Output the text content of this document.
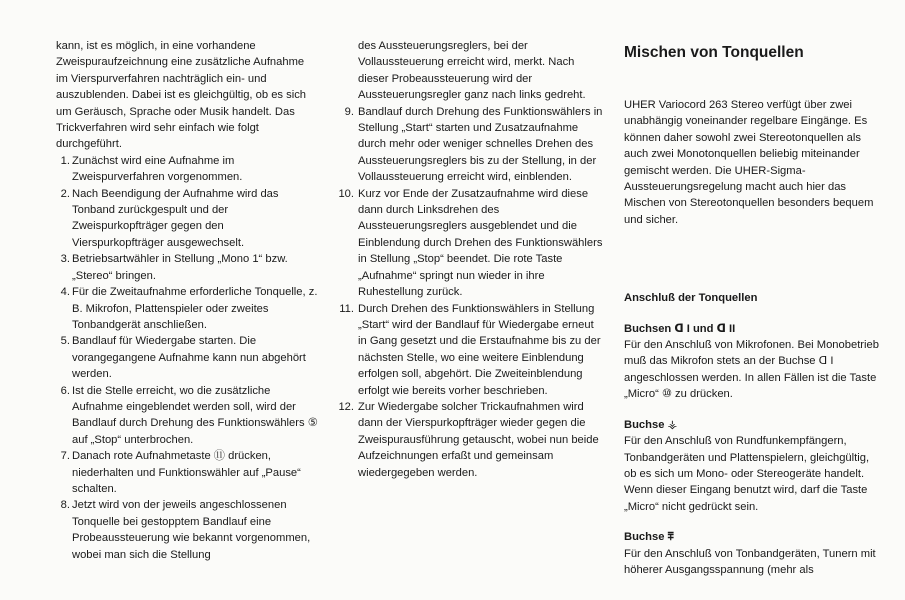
kann, ist es möglich, in eine vorhandene Zweispuraufzeichnung eine zusätzliche Aufnahme im Vierspurverfahren nachträglich ein- und auszublenden. Dabei ist es gleichgültig, ob es sich um Geräusch, Sprache oder Musik handelt. Das Trickverfahren wird sehr einfach wie folgt durchgeführt.

1. Zunächst wird eine Aufnahme im Zweispurverfahren vorgenommen.
2. Nach Beendigung der Aufnahme wird das Tonband zurückgespult und der Zweispurkopfträger gegen den Vierspurkopfträger ausgewechselt.
3. Betriebsartwähler in Stellung „Mono 1“ bzw. „Stereo“ bringen.
4. Für die Zweitaufnahme erforderliche Tonquelle, z. B. Mikrofon, Plattenspieler oder zweites Tonbandgerät anschließen.
5. Bandlauf für Wiedergabe starten. Die vorangegangene Aufnahme kann nun abgehört werden.
6. Ist die Stelle erreicht, wo die zusätzliche Aufnahme eingeblendet werden soll, wird der Bandlauf durch Drehung des Funktionswählers ⑤ auf „Stop“ unterbrochen.
7. Danach rote Aufnahmetaste ⑪ drücken, niederhalten und Funktionswähler auf „Pause“ schalten.
8. Jetzt wird von der jeweils angeschlossenen Tonquelle bei gestopptem Bandlauf eine Probeaussteuerung wie bekannt vorgenommen, wobei man sich die Stellung
des Aussteuerungsreglers, bei der Vollaussteuerung erreicht wird, merkt. Nach dieser Probeaussteuerung wird der Aussteuerungsregler ganz nach links gedreht.
9. Bandlauf durch Drehung des Funktionswählers in Stellung „Start“ starten und Zusatzaufnahme durch mehr oder weniger schnelles Drehen des Aussteuerungsreglers bis zu der Stellung, in der Vollaussteuerung erreicht wird, einblenden.
10. Kurz vor Ende der Zusatzaufnahme wird diese dann durch Linksdrehen des Aussteuerungsreglers ausgeblendet und die Einblendung durch Drehen des Funktionswählers in Stellung „Stop“ beendet. Die rote Taste „Aufnahme“ springt nun wieder in ihre Ruhestellung zurück.
11. Durch Drehen des Funktionswählers in Stellung „Start“ wird der Bandlauf für Wiedergabe erneut in Gang gesetzt und die Erstaufnahme bis zu der nächsten Stelle, wo eine weitere Einblendung erfolgen soll, abgehört. Die Zweiteinblendung erfolgt wie bereits vorher beschrieben.
12. Zur Wiedergabe solcher Trickaufnahmen wird dann der Vierspurkopfträger wieder gegen die Zweispurausführung getauscht, wobei nun beide Aufzeichnungen erfaßt und gemeinsam wiedergegeben werden.
Mischen von Tonquellen

UHER Variocord 263 Stereo verfügt über zwei unabhängig voneinander regelbare Eingänge. Es können daher sowohl zwei Stereotonquellen als auch zwei Monotonquellen beliebig miteinander gemischt werden. Die UHER-Sigma-Aussteuerungsregelung macht auch hier das Mischen von Stereotonquellen besonders bequem und sicher.

Anschluß der Tonquellen
Buchsen ᗡ I und ᗡ II

Für den Anschluß von Mikrofonen. Bei Monobetrieb muß das Mikrofon stets an der Buchse ᗡ I angeschlossen werden. In allen Fällen ist die Taste „Micro“ ⑩ zu drücken.

Buchse ⚶

Für den Anschluß von Rundfunkempfängern, Tonbandgeräten und Plattenspielern, gleichgültig, ob es sich um Mono- oder Stereogeräte handelt. Wenn dieser Eingang benutzt wird, darf die Taste „Micro“ nicht gedrückt sein.

Buchse ⩱

Für den Anschluß von Tonbandgeräten, Tunern mit höherer Ausgangsspannung (mehr als
